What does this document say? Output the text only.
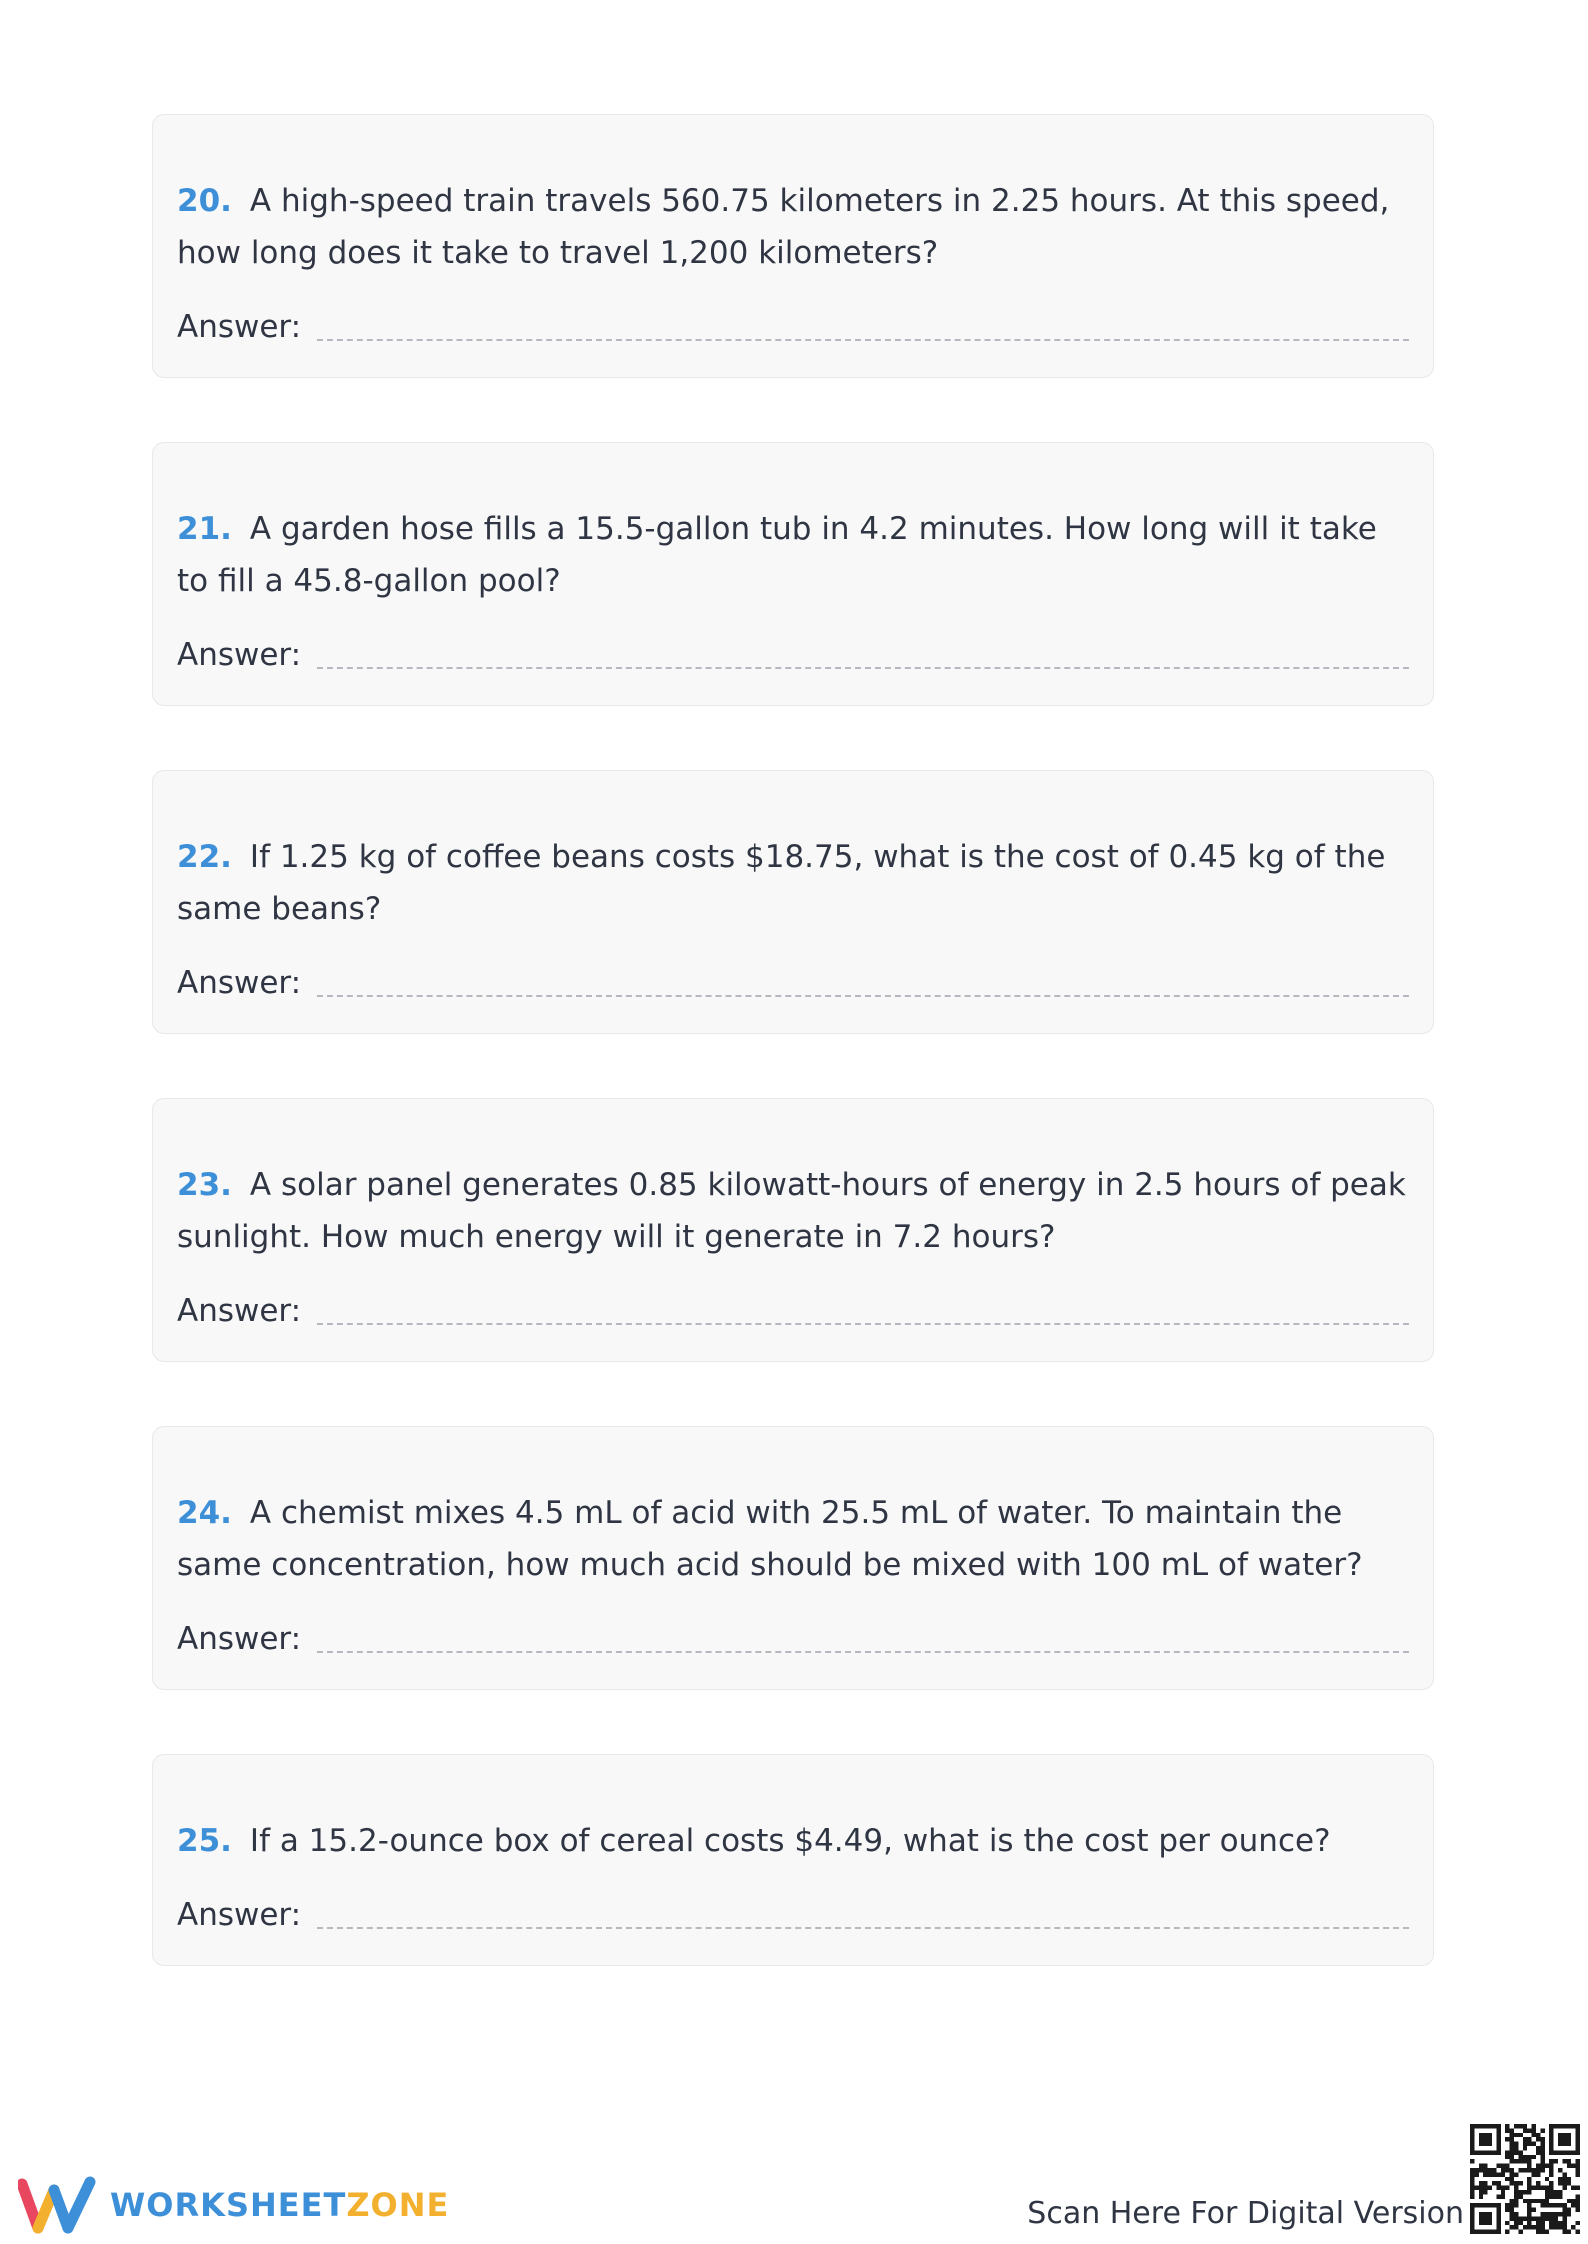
20. A high-speed train travels 560.75 kilometers in 2.25 hours. At this speed, how long does it take to travel 1,200 kilometers?
Answer:
21. A garden hose fills a 15.5-gallon tub in 4.2 minutes. How long will it take to fill a 45.8-gallon pool?
Answer:
22. If 1.25 kg of coffee beans costs $18.75, what is the cost of 0.45 kg of the same beans?
Answer:
23. A solar panel generates 0.85 kilowatt-hours of energy in 2.5 hours of peak sunlight. How much energy will it generate in 7.2 hours?
Answer:
24. A chemist mixes 4.5 mL of acid with 25.5 mL of water. To maintain the same concentration, how much acid should be mixed with 100 mL of water?
Answer:
25. If a 15.2-ounce box of cereal costs $4.49, what is the cost per ounce?
Answer:
WORKSHEETZONE	Scan Here For Digital Version
